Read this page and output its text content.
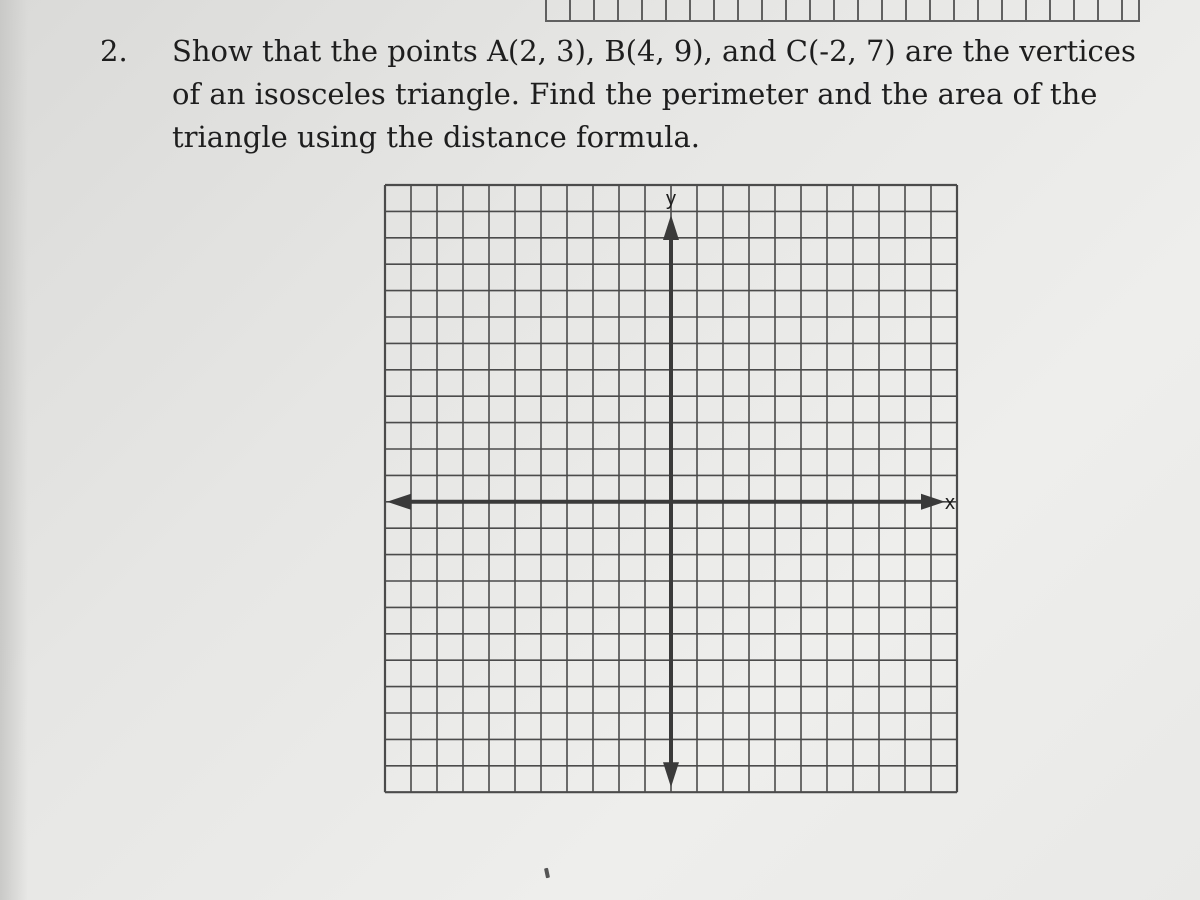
2.	Show that the points A(2, 3), B(4, 9), and C(-2, 7) are the vertices
of an isosceles triangle. Find the perimeter and the area of the
triangle using the distance formula.
y
x
